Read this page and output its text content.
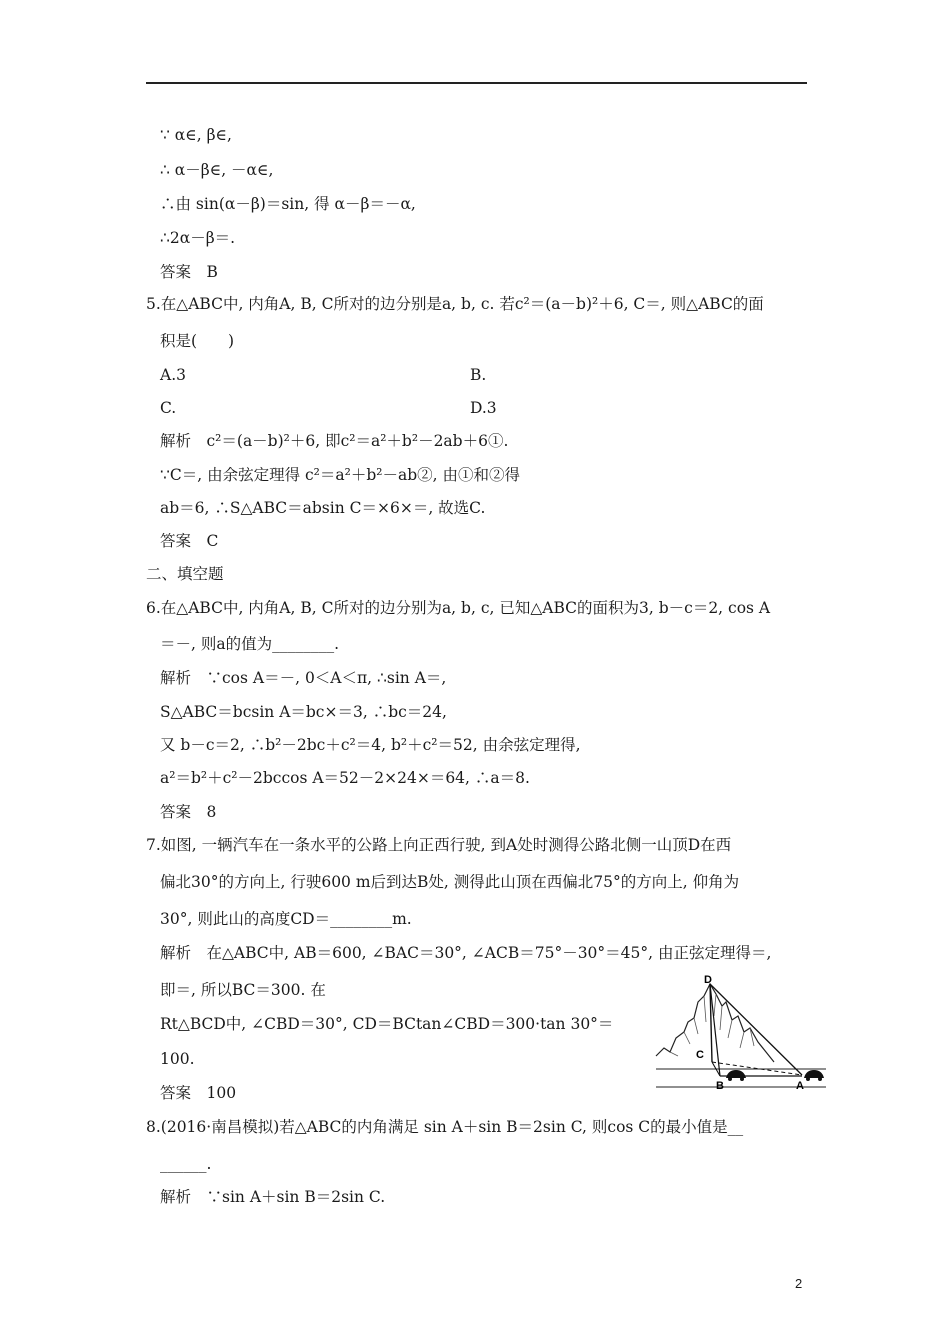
∵ α∈, β∈,
∴ α－β∈, －α∈,
∴由 sin(α－β)＝sin, 得 α－β＝－α,
∴2α－β＝.
答案　B
5.在△ABC中, 内角A, B, C所对的边分别是a, b, c. 若c²＝(a－b)²＋6, C＝, 则△ABC的面
积是(　　)
A.3	B.
C.	D.3
解析　c²＝(a－b)²＋6, 即c²＝a²＋b²－2ab＋6①.
∵C＝, 由余弦定理得 c²＝a²＋b²－ab②, 由①和②得
ab＝6, ∴S△ABC＝absin C＝×6×＝, 故选C.
答案　C
二、填空题
6.在△ABC中, 内角A, B, C所对的边分别为a, b, c, 已知△ABC的面积为3, b－c＝2, cos A
＝－, 则a的值为________.
解析　∵cos A＝－, 0＜A＜π, ∴sin A＝,
S△ABC＝bcsin A＝bc×＝3, ∴bc＝24,
又 b－c＝2, ∴b²－2bc＋c²＝4, b²＋c²＝52, 由余弦定理得,
a²＝b²＋c²－2bccos A＝52－2×24×＝64, ∴a＝8.
答案　8
7.如图, 一辆汽车在一条水平的公路上向正西行驶, 到A处时测得公路北侧一山顶D在西
偏北30°的方向上, 行驶600 m后到达B处, 测得此山顶在西偏北75°的方向上, 仰角为
30°, 则此山的高度CD＝________m.
解析　在△ABC中, AB＝600, ∠BAC＝30°, ∠ACB＝75°－30°＝45°, 由正弦定理得＝,
即＝, 所以BC＝300. 在
Rt△BCD中, ∠CBD＝30°, CD＝BCtan∠CBD＝300·tan 30°＝
100.
答案　100
8.(2016·南昌模拟)若△ABC的内角满足 sin A＋sin B＝2sin C, 则cos C的最小值是__
______.
解析　∵sin A＋sin B＝2sin C.
D
C
B	A
2
